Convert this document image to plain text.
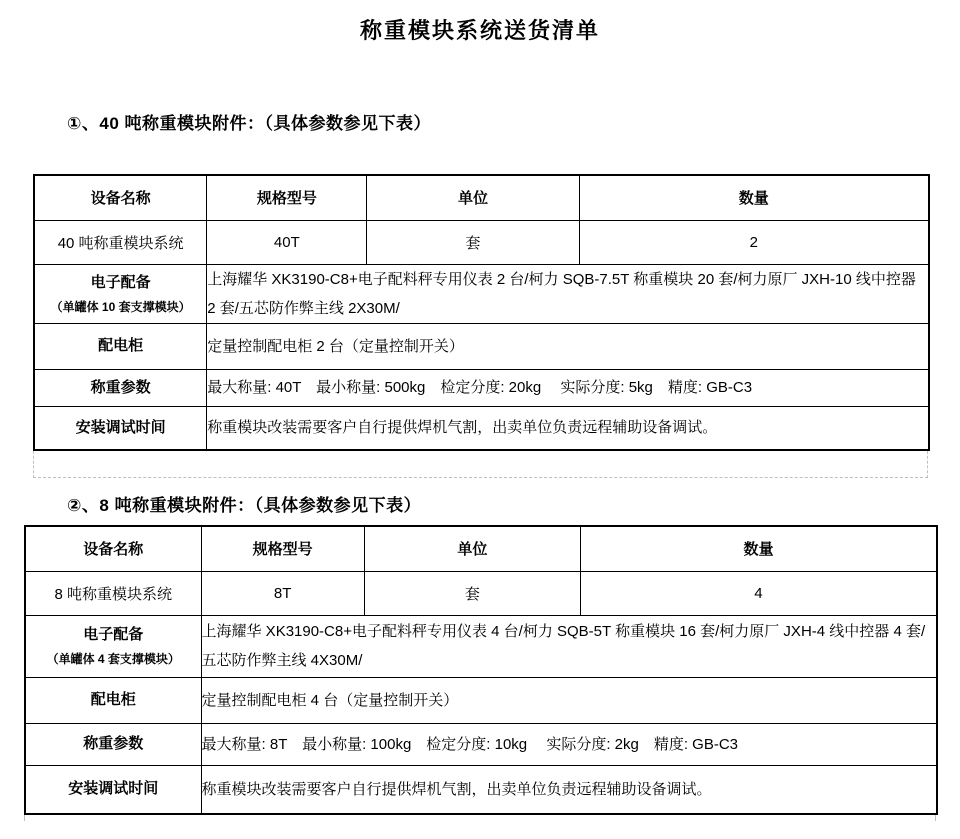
称重模块系统送货清单
①、40 吨称重模块附件：（具体参数参见下表）
设备名称	规格型号	单位	数量
40 吨称重模块系统	40T	套	2

电子配备
（单罐体 10 套支撑模块）	上海耀华 XK3190-C8+电子配料秤专用仪表 2 台/柯力 SQB-7.5T 称重模块 20 套/柯力原厂 JXH-10 线中控器 2 套/五芯防作弊主线 2X30M/		
配电柜	定量控制配电柜 2 台（定量控制开关）		
称重参数	最大称量: 40T　最小称量: 500kg　检定分度: 20kg　 实际分度: 5kg　精度: GB-C3		
安装调试时间	称重模块改装需要客户自行提供焊机气割，出卖单位负责远程辅助设备调试。		
②、8 吨称重模块附件：（具体参数参见下表）
设备名称	规格型号	单位	数量
8 吨称重模块系统	8T	套	4

电子配备
（单罐体 4 套支撑模块）	上海耀华 XK3190-C8+电子配料秤专用仪表 4 台/柯力 SQB-5T 称重模块 16 套/柯力原厂 JXH-4 线中控器 4 套/五芯防作弊主线 4X30M/		
配电柜	定量控制配电柜 4 台（定量控制开关）		
称重参数	最大称量: 8T　最小称量: 100kg　检定分度: 10kg　 实际分度: 2kg　精度: GB-C3		
安装调试时间	称重模块改装需要客户自行提供焊机气割，出卖单位负责远程辅助设备调试。		
